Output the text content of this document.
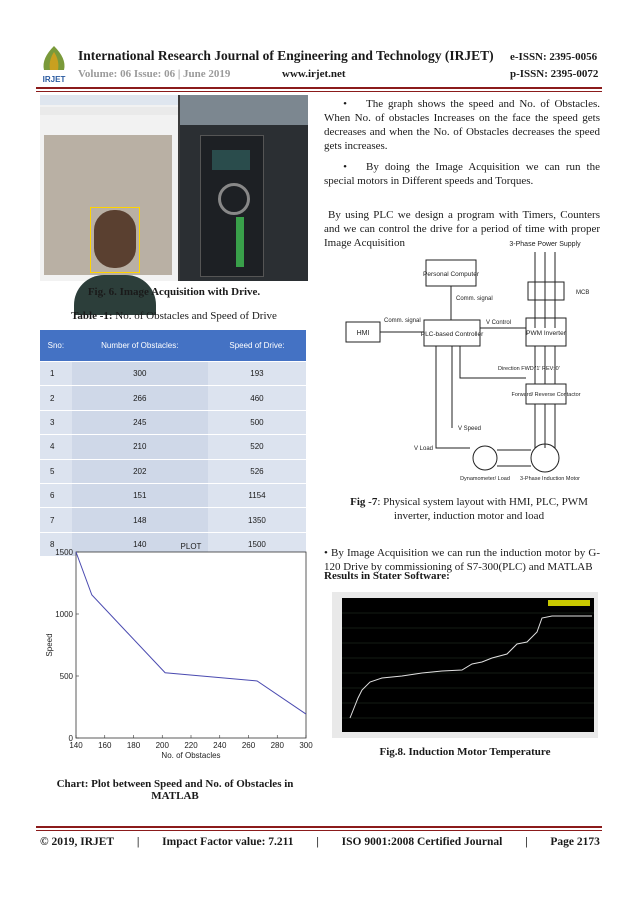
IRJET
International Research Journal of Engineering and Technology (IRJET) e-ISSN: 2395-0056
Volume: 06 Issue: 06 | June 2019	www.irjet.net	p-ISSN: 2395-0072
Fig. 6. Image Acquisition with Drive.
Table -1: No. of Obstacles and Speed of Drive
Sno:	Number of Obstacles:	Speed of Drive:
1	300	193
2	266	460
3	245	500
4	210	520
5	202	526
6	151	1154
7	148	1350
8	140	1500
140 160 180 200 220 240 260 280 300
0
500
1000
1500
PLOT
No. of Obstacles
Speed
Chart: Plot between Speed and No. of Obstacles in MATLAB
• The graph shows the speed and No. of Obstacles. When No. of obstacles Increases on the face the speed gets decreases and when the No. of Obstacles decreases the speed gets increases.
• By doing the Image Acquisition we can run the special motors in Different speeds and Torques.
By using PLC we design a program with Timers, Counters and we can control the drive for a period of time with proper Image Acquisition	3-Phase Power Supply
Personal Computer
MCB
Comm. signal
HMI
Comm. signal
PLC-based Controller
V Control
PWM Inverter
Direction FWD:'1' REV:'0'
Forward/ Reverse Contactor
V Speed
V Load
Dynamometer/ Load 3-Phase Induction Motor
Fig -7: Physical system layout with HMI, PLC, PWM inverter, induction motor and load
• By Image Acquisition we can run the induction motor by G-120 Drive by commissioning of S7-300(PLC) and MATLAB
Results in Stater Software:
Fig.8. Induction Motor Temperature
© 2019, IRJET | Impact Factor value: 7.211 | ISO 9001:2008 Certified Journal | Page 2173
